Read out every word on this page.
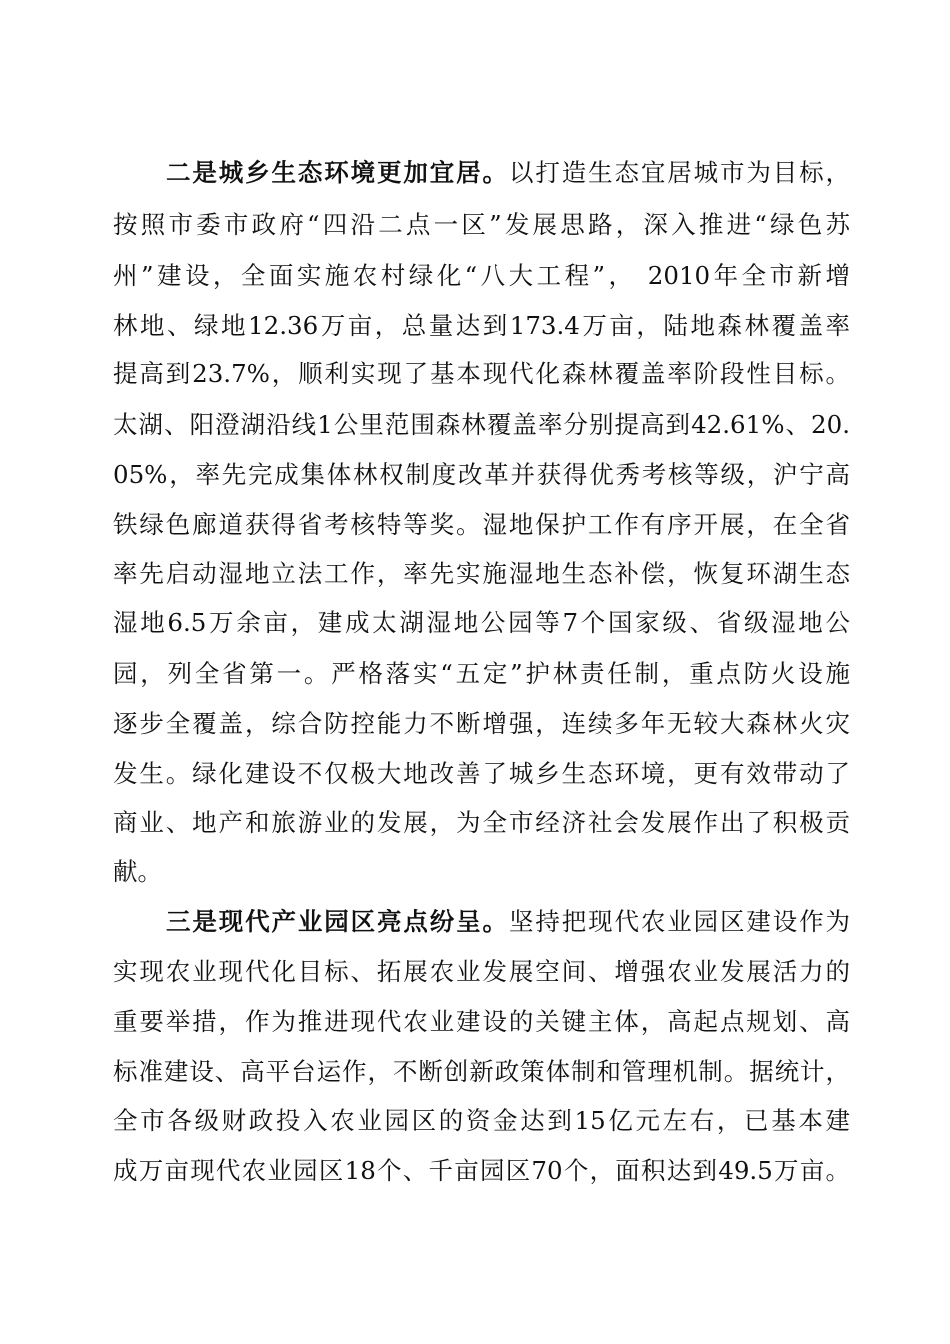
二是城乡生态环境更加宜居。以打造生态宜居城市为目标，
按照市委市政府“四沿二点一区”发展思路，深入推进“绿色苏
州”建设，全面实施农村绿化“八大工程”， 2010年全市新增
林地、绿地12.36万亩，总量达到173.4万亩，陆地森林覆盖率
提高到23.7%，顺利实现了基本现代化森林覆盖率阶段性目标。
太湖、阳澄湖沿线1公里范围森林覆盖率分别提高到42.61%、20.
05%，率先完成集体林权制度改革并获得优秀考核等级，沪宁高
铁绿色廊道获得省考核特等奖。湿地保护工作有序开展，在全省
率先启动湿地立法工作，率先实施湿地生态补偿，恢复环湖生态
湿地6.5万余亩，建成太湖湿地公园等7个国家级、省级湿地公
园，列全省第一。严格落实“五定”护林责任制，重点防火设施
逐步全覆盖，综合防控能力不断增强，连续多年无较大森林火灾
发生。绿化建设不仅极大地改善了城乡生态环境，更有效带动了
商业、地产和旅游业的发展，为全市经济社会发展作出了积极贡
献。
三是现代产业园区亮点纷呈。坚持把现代农业园区建设作为
实现农业现代化目标、拓展农业发展空间、增强农业发展活力的
重要举措，作为推进现代农业建设的关键主体，高起点规划、高
标准建设、高平台运作，不断创新政策体制和管理机制。据统计，
全市各级财政投入农业园区的资金达到15亿元左右，已基本建
成万亩现代农业园区18个、千亩园区70个，面积达到49.5万亩。
